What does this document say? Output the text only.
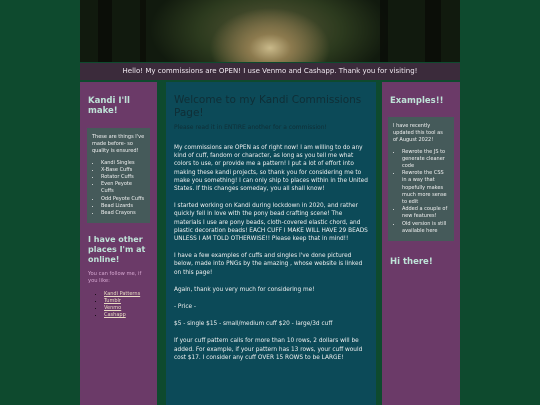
Hello! My commissions are OPEN! I use Venmo and Cashapp. Thank you for visiting!
Kandi I'll make!

These are things I've made before- so quality is ensured!

• Kandi Singles
• X-Base Cuffs
• Rotator Cuffs
• Even Peyote Cuffs
• Odd Peyote Cuffs
• Bead Lizards
• Bead Crayons
I have other places I'm at online!
You can follow me, if you like:
• Kandi Patterns
• Tumblr
• Venmo
• Cashapp
Welcome to my Kandi Commissions Page!
Please read it in ENTIRE another for a commission!

My commissions are OPEN as of right now! I am willing to do any kind of cuff, fandom or character, as long as you tell me what colors to use, or provide me a pattern! I put a lot of effort into making these kandi projects, so thank you for considering me to make you something! I can only ship to places within in the United States. If this changes someday, you all shall know!

I started working on Kandi during lockdown in 2020, and rather quickly fell in love with the pony bead crafting scene! The materials I use are pony beads, cloth-covered elastic chord, and plastic decoration beads! EACH CUFF I MAKE WILL HAVE 29 BEADS UNLESS I AM TOLD OTHERWISE!! Please keep that in mind!!

I have a few examples of cuffs and singles I've done pictured below, made into PNGs by the amazing , whose website is linked on this page!

Again, thank you very much for considering me!

- Price -

$5 - single $15 - small/medium cuff $20 - large/3d cuff

If your cuff pattern calls for more than 10 rows, 2 dollars will be added. For example, if your pattern has 13 rows, your cuff would cost $17. I consider any cuff OVER 15 ROWS to be LARGE!

Examples!!

I have recently updated this tool as of August 2022!

• Rewrote the JS to generate cleaner code
• Rewrote the CSS in a way that hopefully makes much more sense to edit
• Added a couple of new features!
• Old version is still available here
Hi there!
